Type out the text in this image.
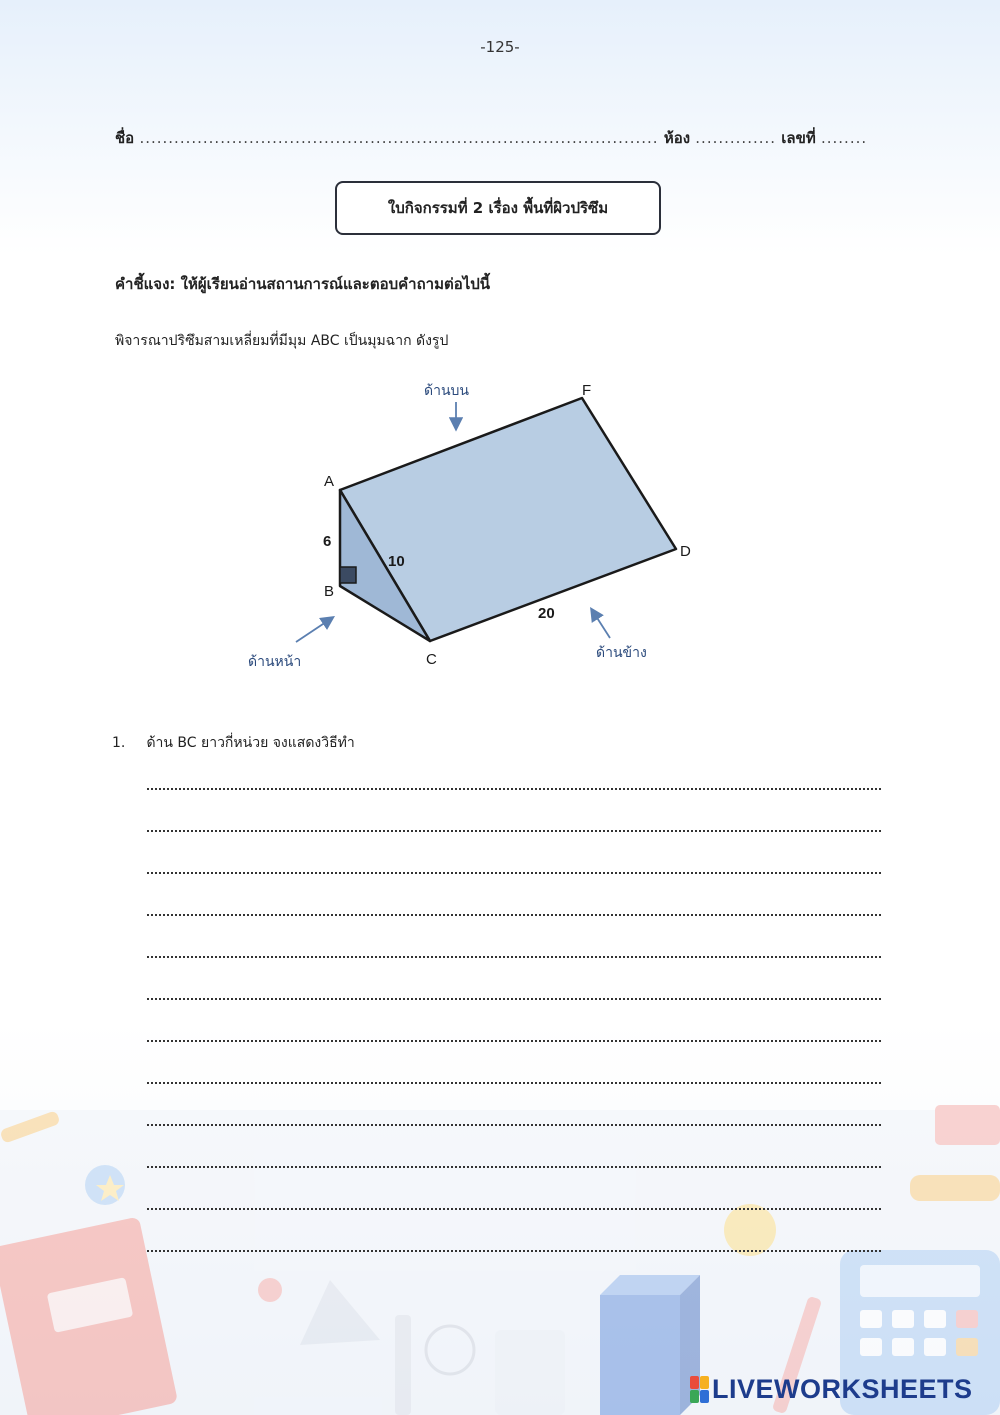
-125-
ชื่อ .......................................................................................... ห้อง .............. เลขที่ ........
ใบกิจกรรมที่ 2 เรื่อง พื้นที่ผิวปริซึม
คำชี้แจง: ให้ผู้เรียนอ่านสถานการณ์และตอบคำถามต่อไปนี้
พิจารณาปริซึมสามเหลี่ยมที่มีมุม ABC เป็นมุมฉาก ดังรูป
A
B
C
D
F
6
10
20
ด้านบน
ด้านหน้า
ด้านข้าง
1. ด้าน BC ยาวกี่หน่วย จงแสดงวิธีทำ
LIVEWORKSHEETS
